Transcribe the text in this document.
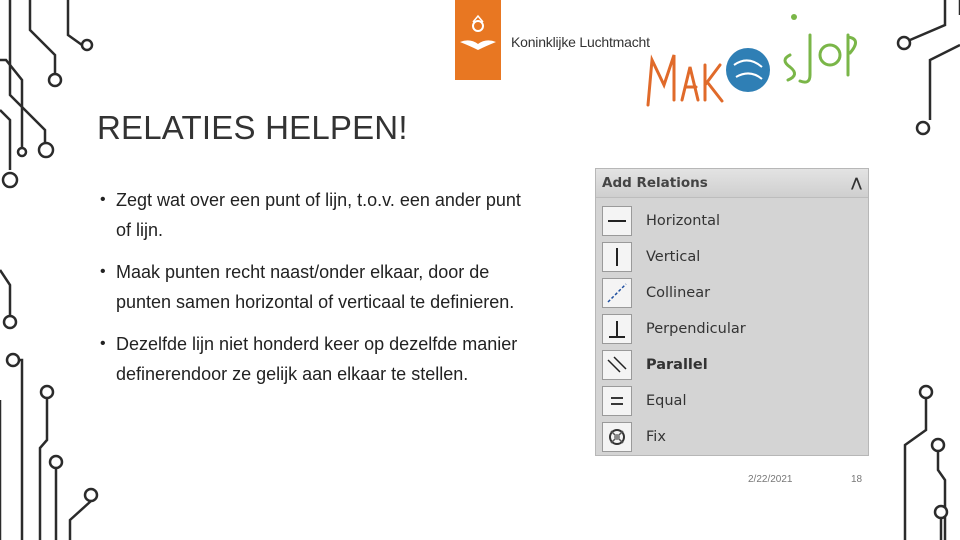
Koninklijke Luchtmacht
RELATIES HELPEN!
• Zegt wat over een punt of lijn, t.o.v. een ander punt of lijn.
• Maak punten recht naast/onder elkaar, door de punten samen horizontal of verticaal te definieren.
• Dezelfde lijn niet honderd keer op dezelfde manier definerendoor ze gelijk aan elkaar te stellen.
Add Relations	⋀

Horizontal
Vertical
Collinear
Perpendicular
Parallel
Equal
Fix
2/22/2021	18
